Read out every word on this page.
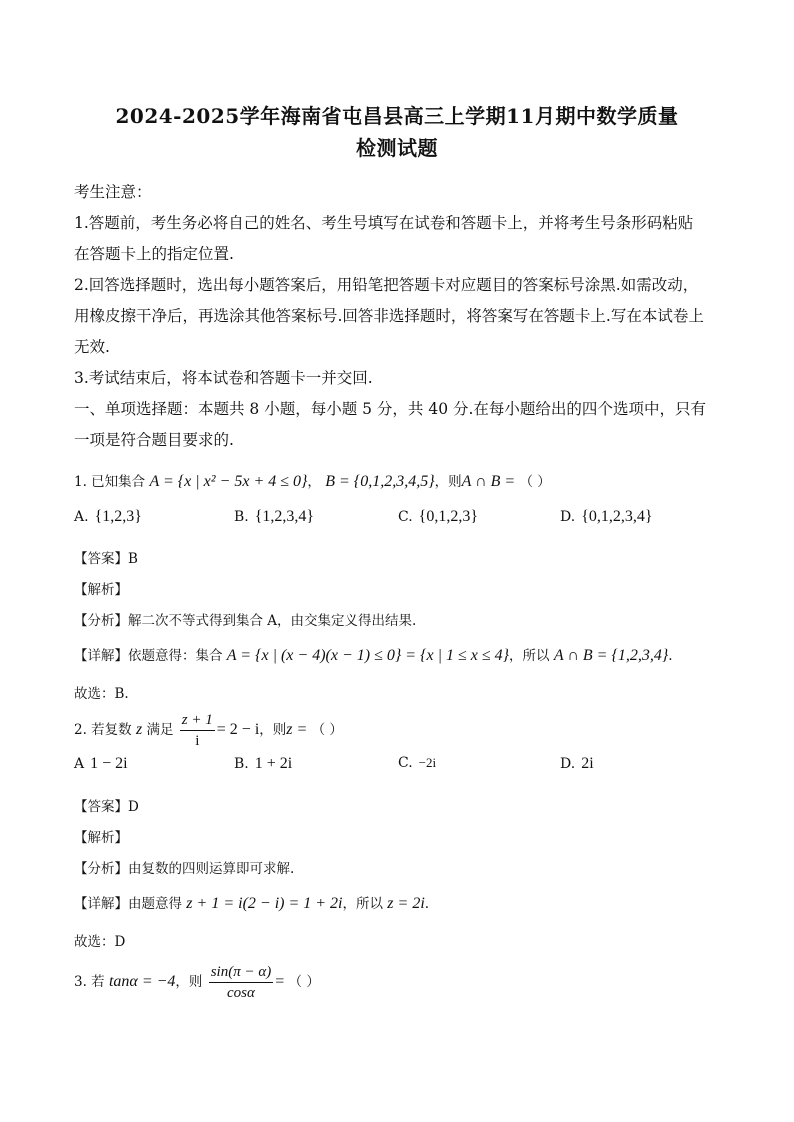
2024-2025学年海南省屯昌县高三上学期11月期中数学质量
检测试题
考生注意：
1.答题前，考生务必将自己的姓名、考生号填写在试卷和答题卡上，并将考生号条形码粘贴
在答题卡上的指定位置.
2.回答选择题时，选出每小题答案后，用铅笔把答题卡对应题目的答案标号涂黑.如需改动，
用橡皮擦干净后，再选涂其他答案标号.回答非选择题时，将答案写在答题卡上.写在本试卷上
无效.
3.考试结束后，将本试卷和答题卡一并交回.
一、单项选择题：本题共 8 小题，每小题 5 分，共 40 分.在每小题给出的四个选项中，只有
一项是符合题目要求的.
1. 已知集合 A = {x | x² − 5x + 4 ≤ 0}， B = {0,1,2,3,4,5}，则A ∩ B = （ ）
A. {1,2,3}	B. {1,2,3,4}	C. {0,1,2,3}	D. {0,1,2,3,4}
【答案】B
【解析】
【分析】解二次不等式得到集合 A，由交集定义得出结果.
【详解】依题意得：集合 A = {x | (x − 4)(x − 1) ≤ 0} = {x | 1 ≤ x ≤ 4}，所以 A ∩ B = {1,2,3,4}.
故选：B.
2. 若复数 z 满足 $\frac{z + 1}{i} = 2 - i$，则z = （ ）
A 1 − 2i	B. 1 + 2i	C. −2i	D. 2i
【答案】D
【解析】
【分析】由复数的四则运算即可求解.
【详解】由题意得 z + 1 = i(2 − i) = 1 + 2i，所以 z = 2i.
故选：D
3. 若 tanα = −4，则 $\frac{\sin(\pi - \alpha)}{\cos\alpha}$ = （ ）
